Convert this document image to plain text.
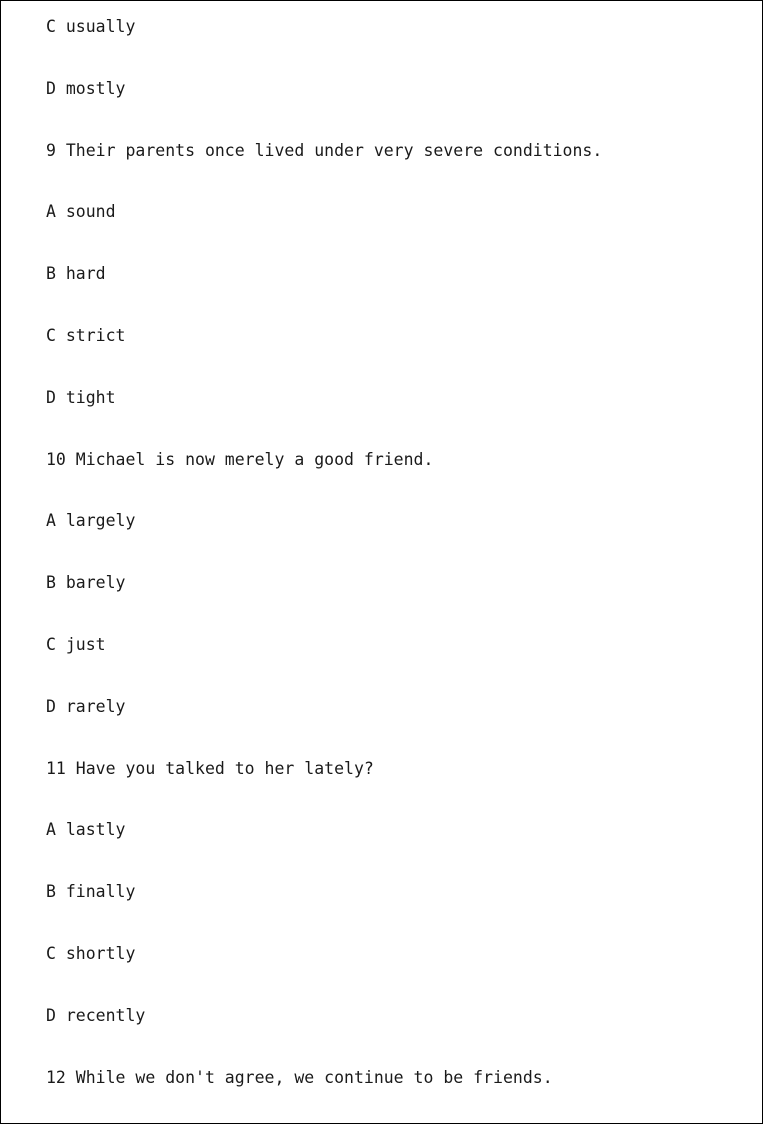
C usually
D mostly
9 Their parents once lived under very severe conditions.
A sound
B hard
C strict
D tight
10 Michael is now merely a good friend.
A largely
B barely
C just
D rarely
11 Have you talked to her lately?
A lastly
B finally
C shortly
D recently
12 While we don't agree, we continue to be friends.
